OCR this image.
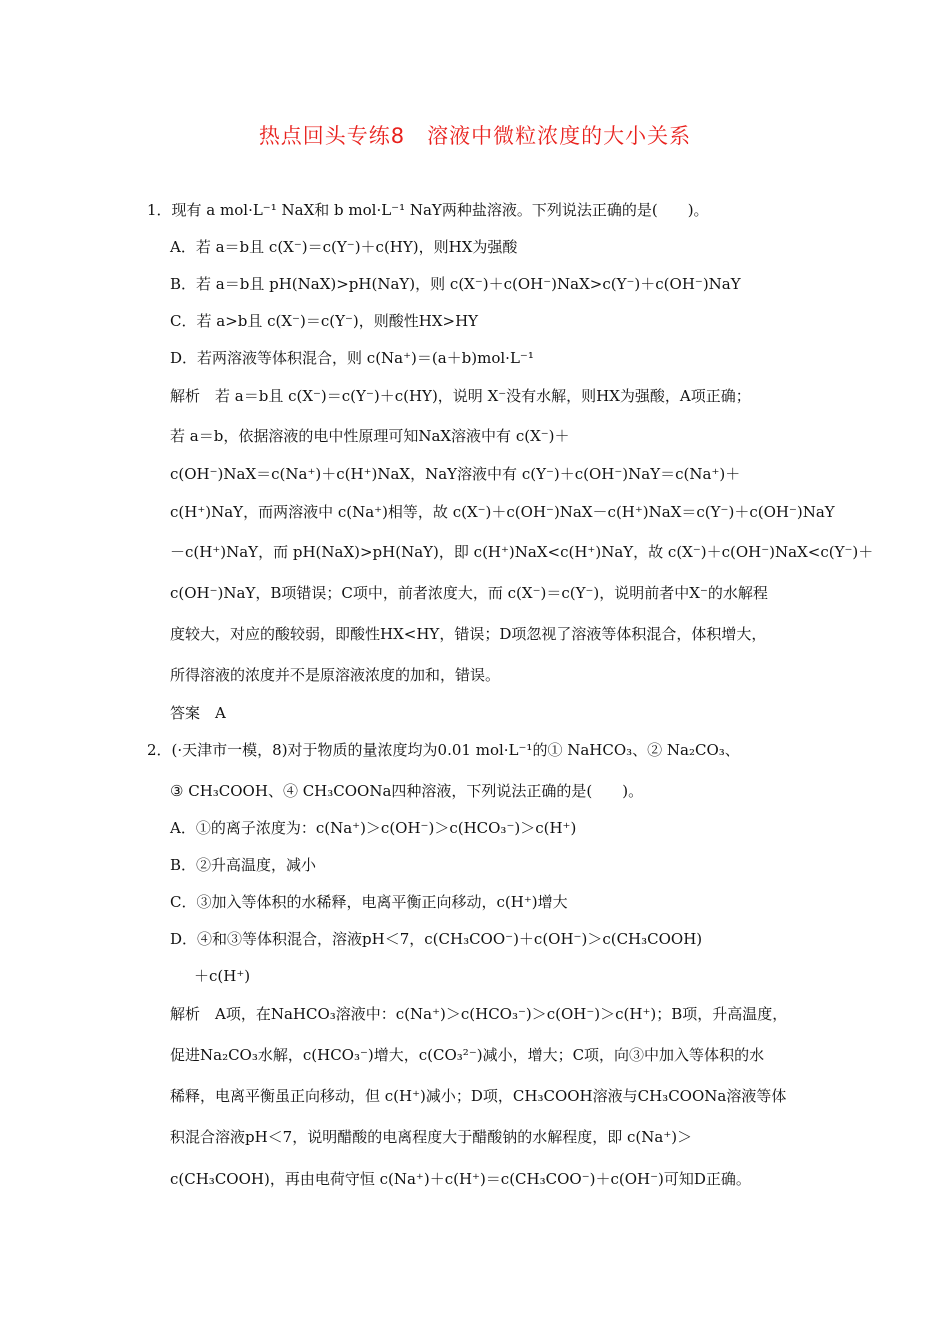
热点回头专练8　溶液中微粒浓度的大小关系
1．现有 a mol·L⁻¹ NaX和 b mol·L⁻¹ NaY两种盐溶液。下列说法正确的是(　　)。
A．若 a＝b且 c(X⁻)＝c(Y⁻)＋c(HY)，则HX为强酸
B．若 a＝b且 pH(NaX)>pH(NaY)，则 c(X⁻)＋c(OH⁻)NaX>c(Y⁻)＋c(OH⁻)NaY
C．若 a>b且 c(X⁻)＝c(Y⁻)，则酸性HX>HY
D．若两溶液等体积混合，则 c(Na⁺)＝(a＋b)mol·L⁻¹
解析　若 a＝b且 c(X⁻)＝c(Y⁻)＋c(HY)，说明 X⁻没有水解，则HX为强酸，A项正确；
若 a＝b，依据溶液的电中性原理可知NaX溶液中有 c(X⁻)＋
c(OH⁻)NaX＝c(Na⁺)＋c(H⁺)NaX，NaY溶液中有 c(Y⁻)＋c(OH⁻)NaY＝c(Na⁺)＋
c(H⁺)NaY，而两溶液中 c(Na⁺)相等，故 c(X⁻)＋c(OH⁻)NaX－c(H⁺)NaX＝c(Y⁻)＋c(OH⁻)NaY
－c(H⁺)NaY，而 pH(NaX)>pH(NaY)，即 c(H⁺)NaX<c(H⁺)NaY，故 c(X⁻)＋c(OH⁻)NaX<c(Y⁻)＋
c(OH⁻)NaY，B项错误；C项中，前者浓度大，而 c(X⁻)＝c(Y⁻)，说明前者中X⁻的水解程
度较大，对应的酸较弱，即酸性HX<HY，错误；D项忽视了溶液等体积混合，体积增大，
所得溶液的浓度并不是原溶液浓度的加和，错误。
答案　A
2．(·天津市一模，8)对于物质的量浓度均为0.01 mol·L⁻¹的① NaHCO₃、② Na₂CO₃、
③ CH₃COOH、④ CH₃COONa四种溶液，下列说法正确的是(　　)。
A．①的离子浓度为：c(Na⁺)＞c(OH⁻)＞c(HCO₃⁻)＞c(H⁺)
B．②升高温度，减小
C．③加入等体积的水稀释，电离平衡正向移动，c(H⁺)增大
D．④和③等体积混合，溶液pH＜7，c(CH₃COO⁻)＋c(OH⁻)＞c(CH₃COOH)
＋c(H⁺)
解析　A项，在NaHCO₃溶液中：c(Na⁺)＞c(HCO₃⁻)＞c(OH⁻)＞c(H⁺)；B项，升高温度，
促进Na₂CO₃水解，c(HCO₃⁻)增大，c(CO₃²⁻)减小，增大；C项，向③中加入等体积的水
稀释，电离平衡虽正向移动，但 c(H⁺)减小；D项，CH₃COOH溶液与CH₃COONa溶液等体
积混合溶液pH＜7，说明醋酸的电离程度大于醋酸钠的水解程度，即 c(Na⁺)＞
c(CH₃COOH)，再由电荷守恒 c(Na⁺)＋c(H⁺)＝c(CH₃COO⁻)＋c(OH⁻)可知D正确。
